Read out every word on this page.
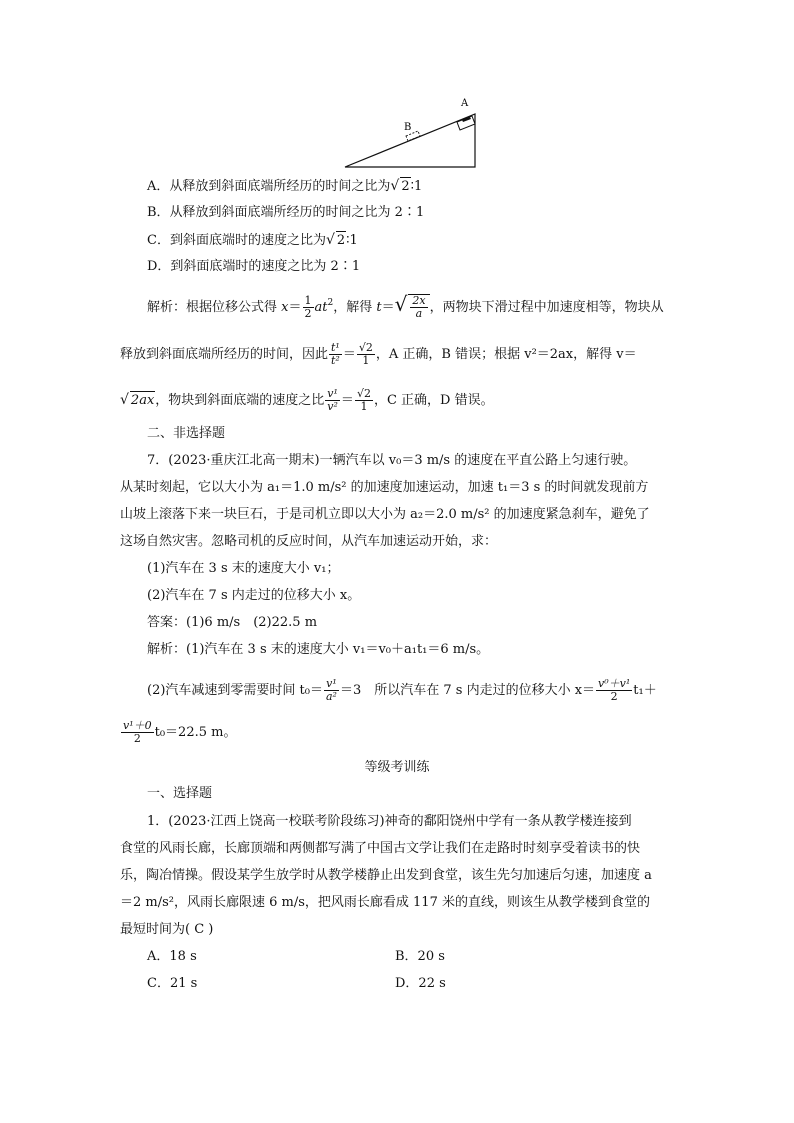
A
B
A．从释放到斜面底端所经历的时间之比为√ 2∶1
B．从释放到斜面底端所经历的时间之比为 2∶1
C．到斜面底端时的速度之比为√ 2∶1
D．到斜面底端时的速度之比为 2∶1
解析：根据位移公式得 $x= \frac{1}{2} at^2$，解得 $t=√ \frac{2x}{a}$ ，两物块下滑过程中加速度相等，物块从
释放到斜面底端所经历的时间，因此 $\frac{\text{t¹}}{\text{t²}} = \frac{√2}{1}$ ，A 正确，B 错误；根据 v²＝2ax，解得 v＝
√ 2ax，物块到斜面底端的速度之比 $\frac{\text{v¹}}{\text{v²}} = \frac{√2}{1}$ ，C 正确，D 错误。
二、非选择题
7．(2023·重庆江北高一期末)一辆汽车以 v₀＝3 m/s 的速度在平直公路上匀速行驶。
从某时刻起，它以大小为 a₁＝1.0 m/s² 的加速度加速运动，加速 t₁＝3 s 的时间就发现前方
山坡上滚落下来一块巨石，于是司机立即以大小为 a₂＝2.0 m/s² 的加速度紧急刹车，避免了
这场自然灾害。忽略司机的反应时间，从汽车加速运动开始，求：
(1)汽车在 3 s 末的速度大小 v₁；
(2)汽车在 7 s 内走过的位移大小 x。
答案：(1)6 m/s　(2)22.5 m
解析：(1)汽车在 3 s 末的速度大小 v₁＝v₀＋a₁t₁＝6 m/s。
(2)汽车减速到零需要时间 $t_0= \frac{\text{v¹}}{\text{a²}} =3$　所以汽车在 7 s 内走过的位移大小 $x= \frac{\text{v⁰＋v¹}}{2} t_1+$
$\frac{\text{v¹＋0}}{2} t_0=22.5$ m。
等级考训练
一、选择题
1．(2023·江西上饶高一校联考阶段练习)神奇的鄱阳饶州中学有一条从教学楼连接到
食堂的风雨长廊，长廊顶端和两侧都写满了中国古文学让我们在走路时时刻享受着读书的快
乐，陶冶情操。假设某学生放学时从教学楼静止出发到食堂，该生先匀加速后匀速，加速度 a
＝2 m/s²，风雨长廊限速 6 m/s，把风雨长廊看成 117 米的直线，则该生从教学楼到食堂的
最短时间为( C )
A．18 s	B．20 s
C．21 s	D．22 s
